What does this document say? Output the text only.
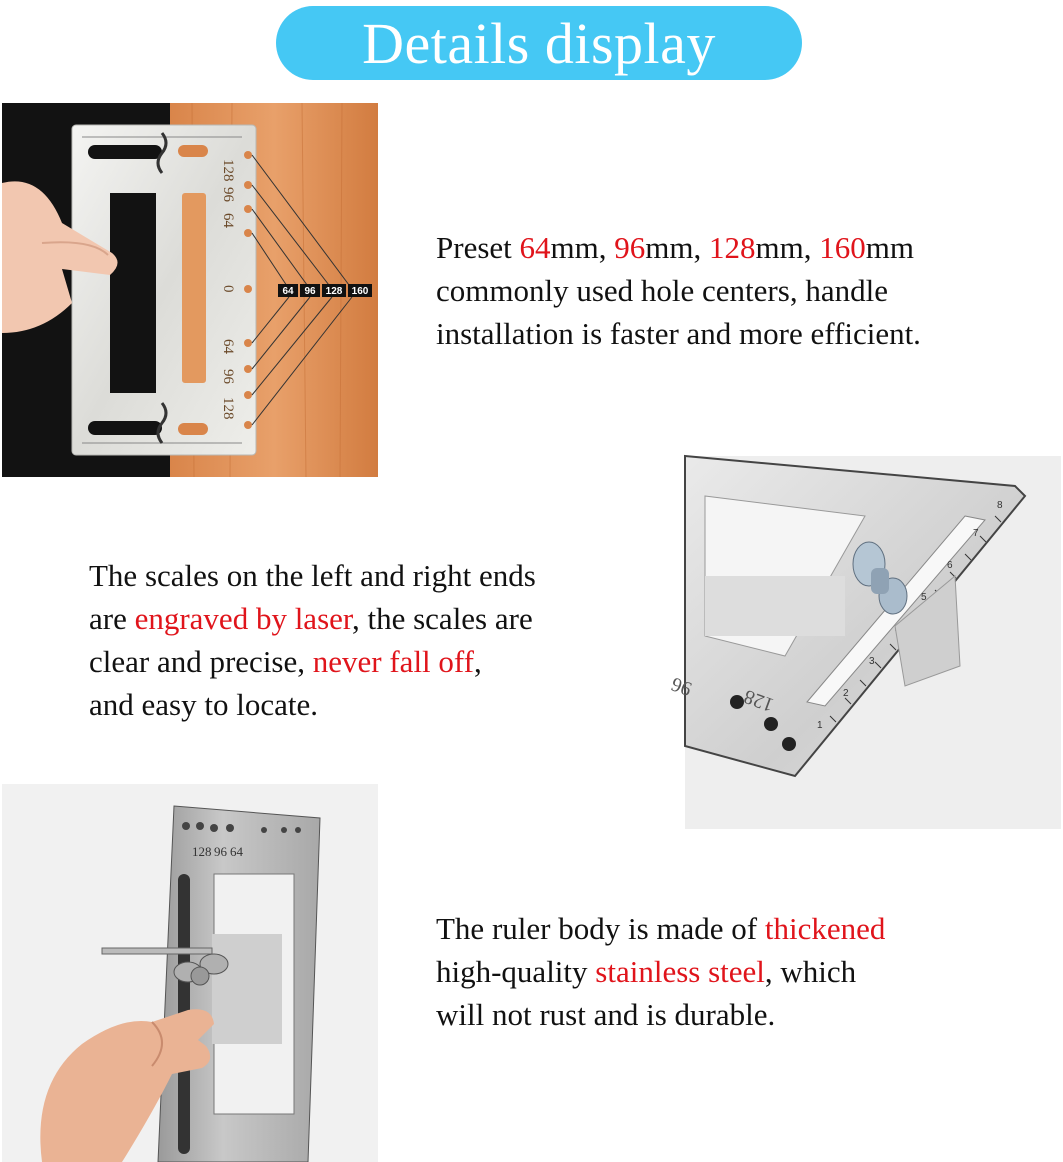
Details display
128
96
64
0
64
96
128
64 96 128 160
Preset 64mm, 96mm, 128mm, 160mm
commonly used hole centers, handle
installation is faster and more efficient.
1
2
3
5
6
7
8
96 128
The scales on the left and right ends
are engraved by laser, the scales are
clear and precise, never fall off,
and easy to locate.
128 96 64
The ruler body is made of thickened
high-quality stainless steel, which
will not rust and is durable.
